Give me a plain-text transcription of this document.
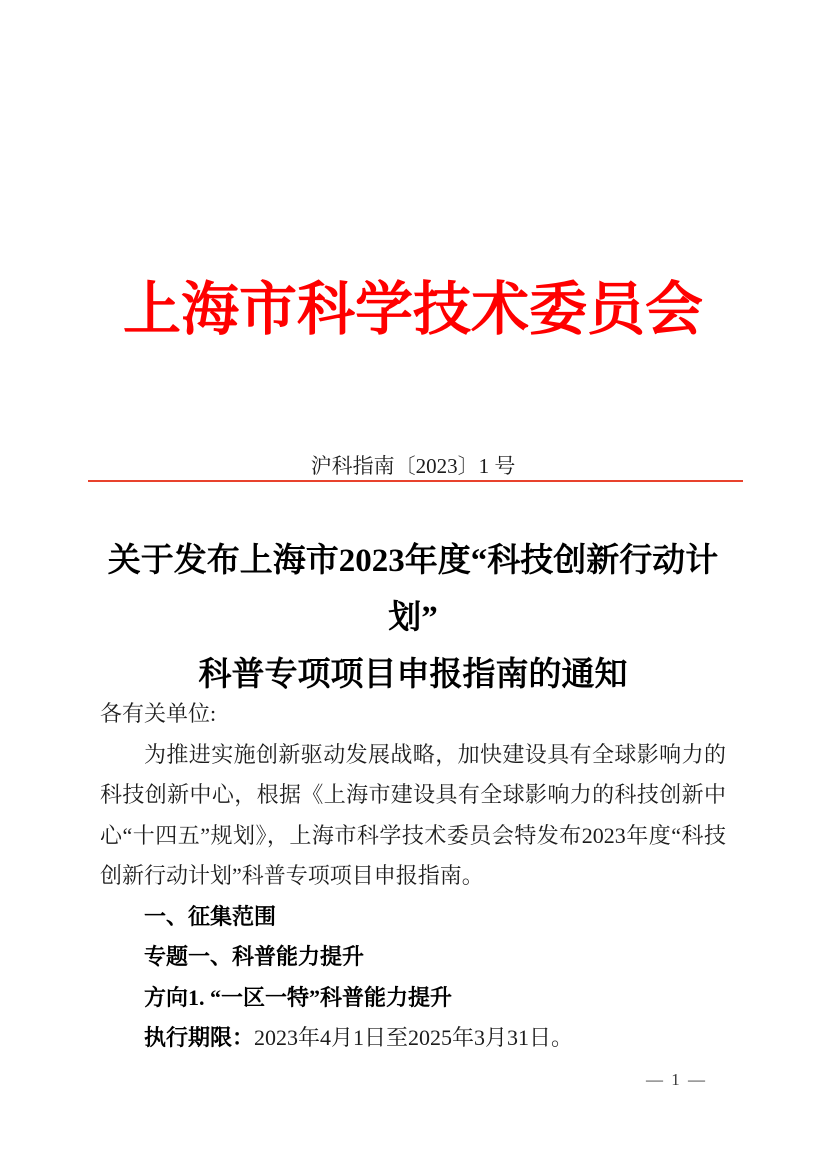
上海市科学技术委员会
沪科指南〔2023〕1 号
关于发布上海市2023年度“科技创新行动计划”
科普专项项目申报指南的通知
各有关单位:

为推进实施创新驱动发展战略，加快建设具有全球影响力的科技创新中心，根据《上海市建设具有全球影响力的科技创新中心“十四五”规划》，上海市科学技术委员会特发布2023年度“科技创新行动计划”科普专项项目申报指南。

一、征集范围
专题一、科普能力提升
方向1. “一区一特”科普能力提升
执行期限：2023年4月1日至2025年3月31日。
— 1 —
